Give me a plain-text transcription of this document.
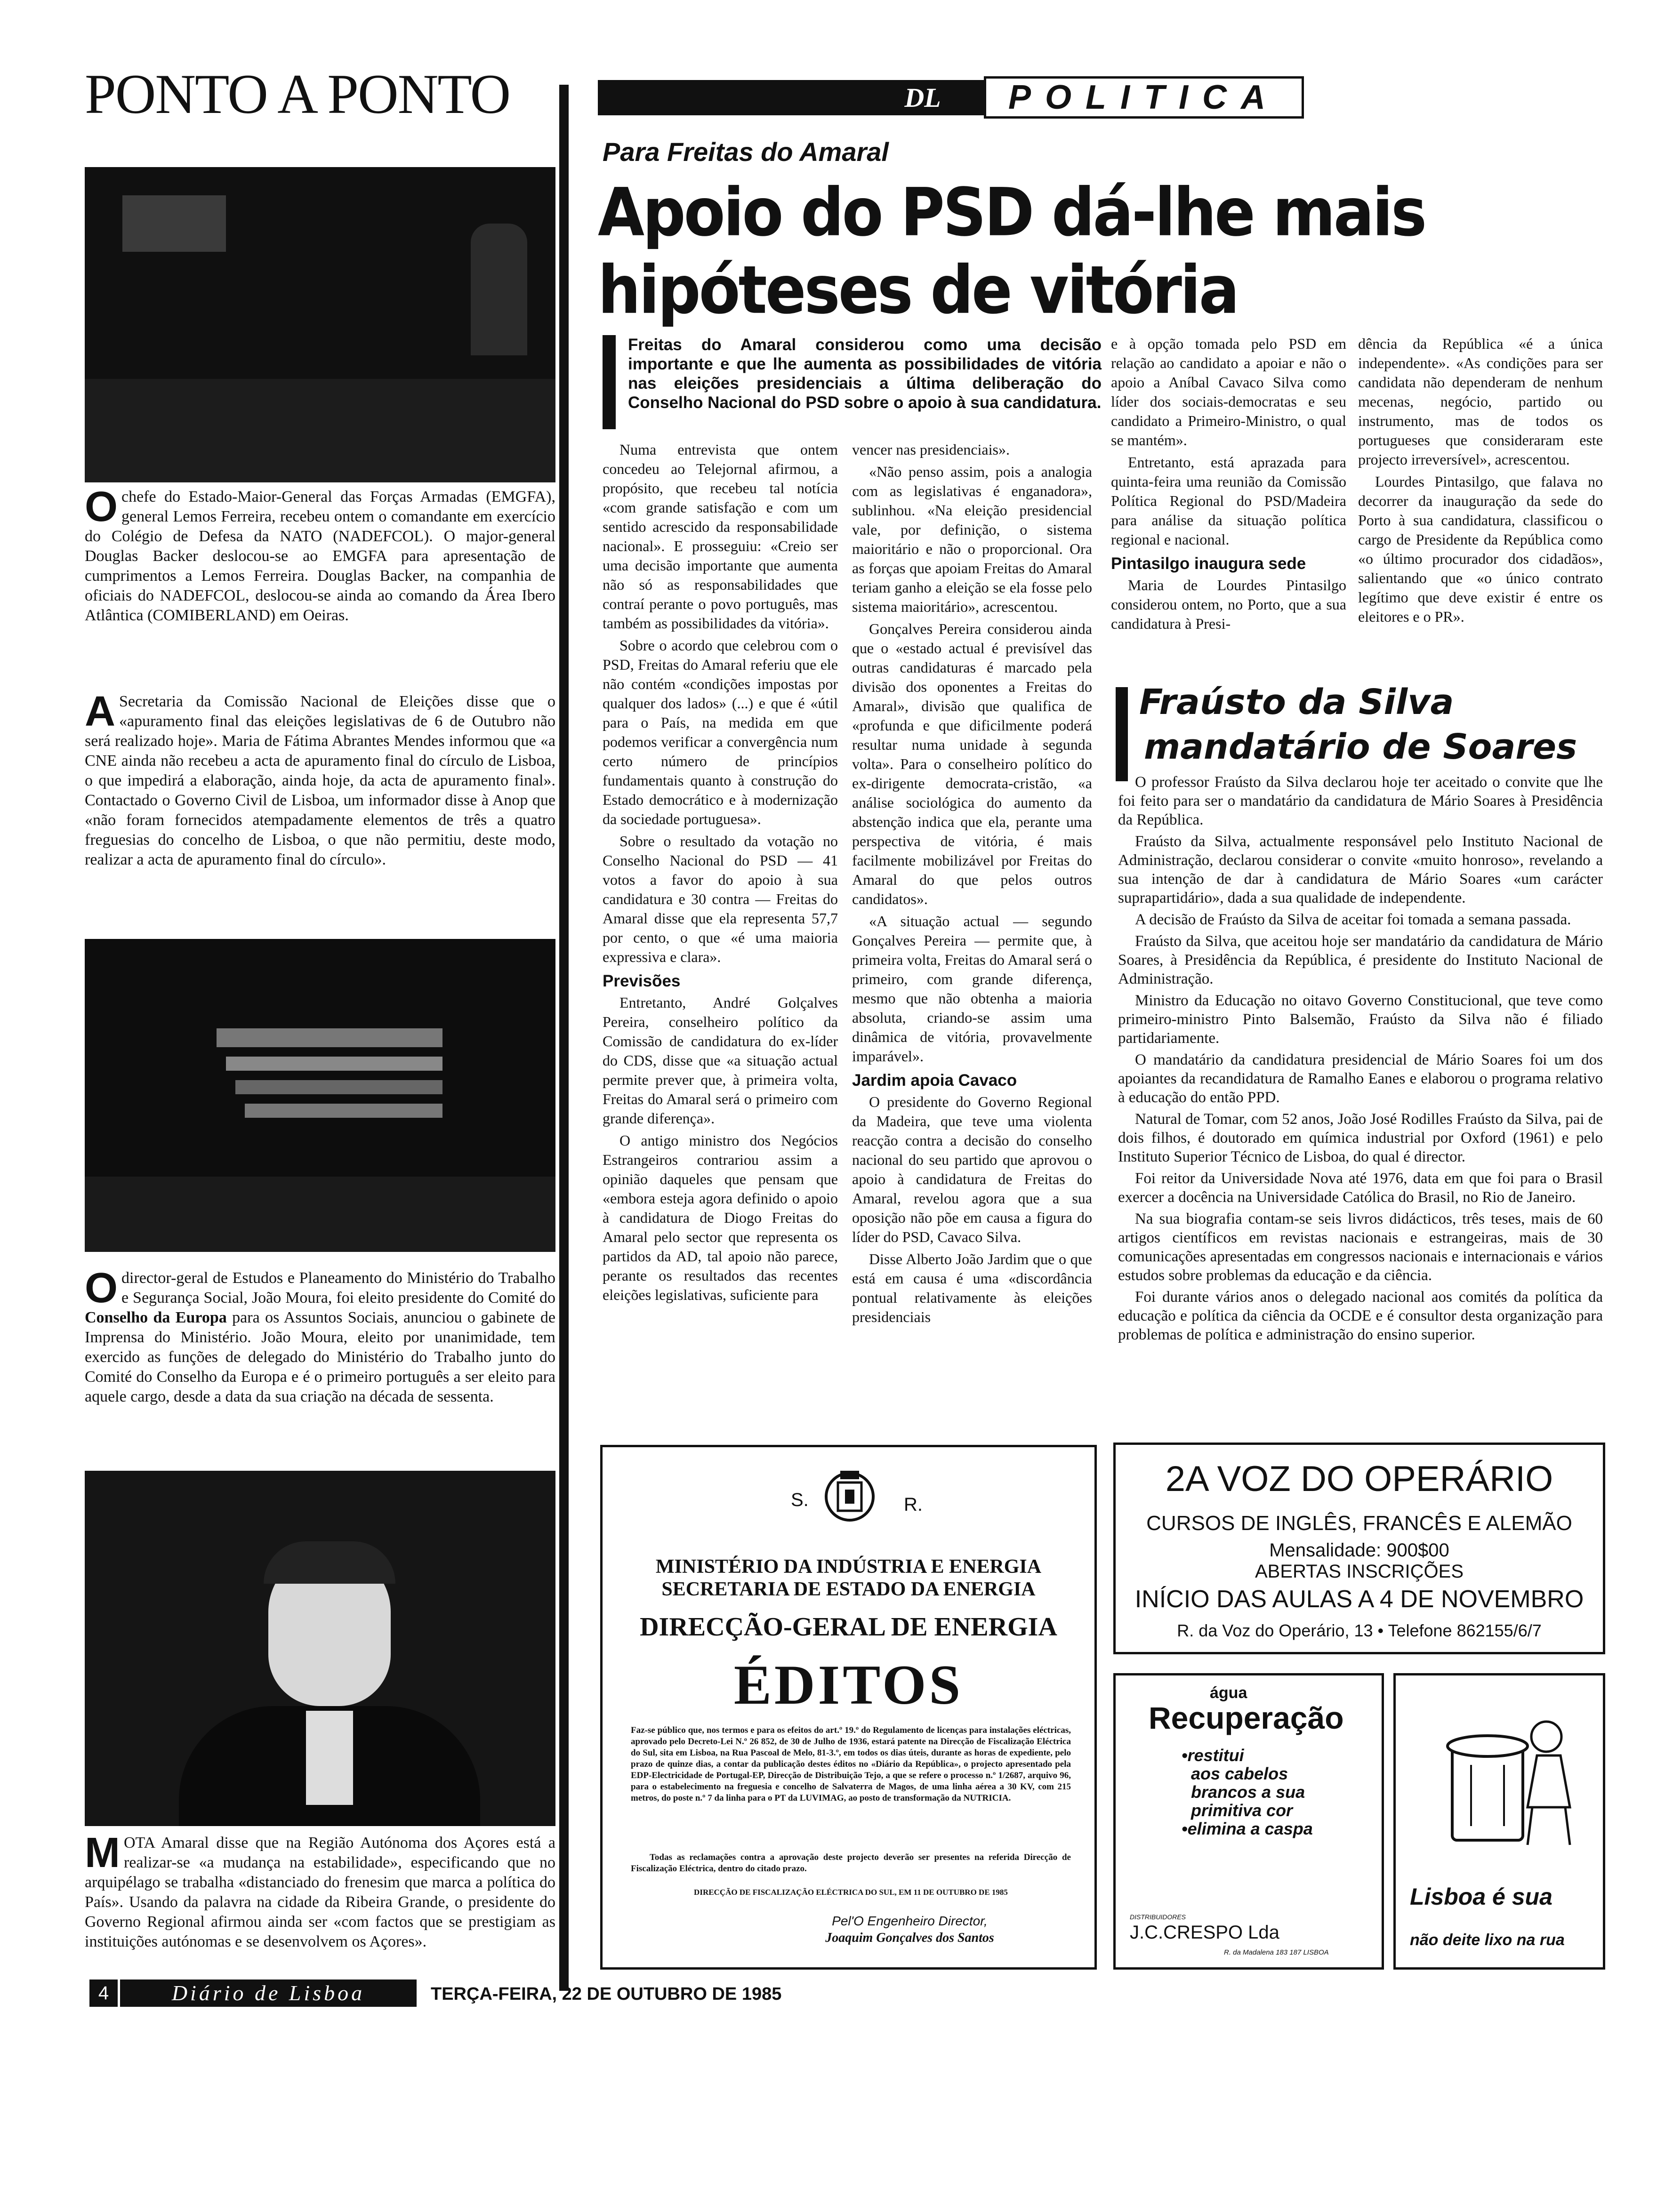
PONTO A PONTO
O chefe do Estado-Maior-General das Forças Armadas (EMGFA), general Lemos Ferreira, recebeu ontem o comandante em exercício do Colégio de Defesa da NATO (NADEFCOL). O major-general Douglas Backer deslocou-se ao EMGFA para apresentação de cumprimentos a Lemos Ferreira. Douglas Backer, na companhia de oficiais do NADEFCOL, deslocou-se ainda ao comando da Área Ibero Atlântica (COMIBERLAND) em Oeiras.
A Secretaria da Comissão Nacional de Eleições disse que o «apuramento final das eleições legislativas de 6 de Outubro não será realizado hoje». Maria de Fátima Abrantes Mendes informou que «a CNE ainda não recebeu a acta de apuramento final do círculo de Lisboa, o que impedirá a elaboração, ainda hoje, da acta de apuramento final». Contactado o Governo Civil de Lisboa, um informador disse à Anop que «não foram fornecidos atempadamente elementos de três a quatro freguesias do concelho de Lisboa, o que não permitiu, deste modo, realizar a acta de apuramento final do círculo».
O director-geral de Estudos e Planeamento do Ministério do Trabalho e Segurança Social, João Moura, foi eleito presidente do Comité do Conselho da Europa para os Assuntos Sociais, anunciou o gabinete de Imprensa do Ministério. João Moura, eleito por unanimidade, tem exercido as funções de delegado do Ministério do Trabalho junto do Comité do Conselho da Europa e é o primeiro português a ser eleito para aquele cargo, desde a data da sua criação na década de sessenta.
M OTA Amaral disse que na Região Autónoma dos Açores está a realizar-se «a mudança na estabilidade», especificando que no arquipélago se trabalha «distanciado do frenesim que marca a política do País». Usando da palavra na cidade da Ribeira Grande, o presidente do Governo Regional afirmou ainda ser «com factos que se prestigiam as instituições autónomas e se desenvolvem os Açores».
DL	POLITICA
Para Freitas do Amaral
Apoio do PSD dá-lhe mais
hipóteses de vitória
Freitas do Amaral considerou como uma decisão importante e que lhe aumenta as possibilidades de vitória nas eleições presidenciais a última deliberação do Conselho Nacional do PSD sobre o apoio à sua candidatura.

Numa entrevista que ontem concedeu ao Telejornal afirmou, a propósito, que recebeu tal notícia «com grande satisfação e com um sentido acrescido da responsabilidade nacional». E prosseguiu: «Creio ser uma decisão importante que aumenta não só as responsabilidades que contraí perante o povo português, mas também as possibilidades da vitória».

Sobre o acordo que celebrou com o PSD, Freitas do Amaral referiu que ele não contém «condições impostas por qualquer dos lados» (...) e que é «útil para o País, na medida em que podemos verificar a convergência num certo número de princípios fundamentais quanto à construção do Estado democrático e à modernização da sociedade portuguesa».

Sobre o resultado da votação no Conselho Nacional do PSD — 41 votos a favor do apoio à sua candidatura e 30 contra — Freitas do Amaral disse que ela representa 57,7 por cento, o que «é uma maioria expressiva e clara».

Previsões

Entretanto, André Golçalves Pereira, conselheiro político da Comissão de candidatura do ex-líder do CDS, disse que «a situação actual permite prever que, à primeira volta, Freitas do Amaral será o primeiro com grande diferença».

O antigo ministro dos Negócios Estrangeiros contrariou assim a opinião daqueles que pensam que «embora esteja agora definido o apoio à candidatura de Diogo Freitas do Amaral pelo sector que representa os partidos da AD, tal apoio não parece, perante os resultados das recentes eleições legislativas, suficiente para

vencer nas presidenciais».

«Não penso assim, pois a analogia com as legislativas é enganadora», sublinhou. «Na eleição presidencial vale, por definição, o sistema maioritário e não o proporcional. Ora as forças que apoiam Freitas do Amaral teriam ganho a eleição se ela fosse pelo sistema maioritário», acrescentou.

Gonçalves Pereira considerou ainda que o «estado actual é previsível das outras candidaturas é marcado pela divisão dos oponentes a Freitas do Amaral», divisão que qualifica de «profunda e que dificilmente poderá resultar numa unidade à segunda volta». Para o conselheiro político do ex-dirigente democrata-cristão, «a análise sociológica do aumento da abstenção indica que ela, perante uma perspectiva de vitória, é mais facilmente mobilizável por Freitas do Amaral do que pelos outros candidatos».

«A situação actual — segundo Gonçalves Pereira — permite que, à primeira volta, Freitas do Amaral será o primeiro, com grande diferença, mesmo que não obtenha a maioria absoluta, criando-se assim uma dinâmica de vitória, provavelmente imparável».

Jardim apoia Cavaco

O presidente do Governo Regional da Madeira, que teve uma violenta reacção contra a decisão do conselho nacional do seu partido que aprovou o apoio à candidatura de Freitas do Amaral, revelou agora que a sua oposição não põe em causa a figura do líder do PSD, Cavaco Silva.

Disse Alberto João Jardim que o que está em causa é uma «discordância pontual relativamente às eleições presidenciais

e à opção tomada pelo PSD em relação ao candidato a apoiar e não o apoio a Aníbal Cavaco Silva como líder dos sociais-democratas e seu candidato a Primeiro-Ministro, o qual se mantém».

Entretanto, está aprazada para quinta-feira uma reunião da Comissão Política Regional do PSD/Madeira para análise da situação política regional e nacional.

Pintasilgo inaugura sede

Maria de Lourdes Pintasilgo considerou ontem, no Porto, que a sua candidatura à Presi-

dência da República «é a única independente». «As condições para ser candidata não dependeram de nenhum mecenas, negócio, partido ou instrumento, mas de todos os portugueses que consideraram este projecto irreversível», acrescentou.

Lourdes Pintasilgo, que falava no decorrer da inauguração da sede do Porto à sua candidatura, classificou o cargo de Presidente da República como «o último procurador dos cidadãos», salientando que «o único contrato legítimo que deve existir é entre os eleitores e o PR».

Fraústo da Silva
mandatário de Soares

O professor Fraústo da Silva declarou hoje ter aceitado o convite que lhe foi feito para ser o mandatário da candidatura de Mário Soares à Presidência da República.

Fraústo da Silva, actualmente responsável pelo Instituto Nacional de Administração, declarou considerar o convite «muito honroso», revelando a sua intenção de dar à candidatura de Mário Soares «um carácter suprapartidário», dada a sua qualidade de independente.

A decisão de Fraústo da Silva de aceitar foi tomada a semana passada.

Fraústo da Silva, que aceitou hoje ser mandatário da candidatura de Mário Soares, à Presidência da República, é presidente do Instituto Nacional de Administração.

Ministro da Educação no oitavo Governo Constitucional, que teve como primeiro-ministro Pinto Balsemão, Fraústo da Silva não é filiado partidariamente.

O mandatário da candidatura presidencial de Mário Soares foi um dos apoiantes da recandidatura de Ramalho Eanes e elaborou o programa relativo à educação do então PPD.

Natural de Tomar, com 52 anos, João José Rodilles Fraústo da Silva, pai de dois filhos, é doutorado em química industrial por Oxford (1961) e pelo Instituto Superior Técnico de Lisboa, do qual é director.

Foi reitor da Universidade Nova até 1976, data em que foi para o Brasil exercer a docência na Universidade Católica do Brasil, no Rio de Janeiro.

Na sua biografia contam-se seis livros didácticos, três teses, mais de 60 artigos científicos em revistas nacionais e estrangeiras, mais de 30 comunicações apresentadas em congressos nacionais e internacionais e vários estudos sobre problemas da educação e da ciência.

Foi durante vários anos o delegado nacional aos comités da política da educação e política da ciência da OCDE e é consultor desta organização para problemas de política e administração do ensino superior.

S.	R.
MINISTÉRIO DA INDÚSTRIA E ENERGIA
SECRETARIA DE ESTADO DA ENERGIA
DIRECÇÃO-GERAL DE ENERGIA
ÉDITOS
Faz-se público que, nos termos e para os efeitos do art.º 19.º do Regulamento de licenças para instalações eléctricas, aprovado pelo Decreto-Lei N.º 26 852, de 30 de Julho de 1936, estará patente na Direcção de Fiscalização Eléctrica do Sul, sita em Lisboa, na Rua Pascoal de Melo, 81-3.º, em todos os dias úteis, durante as horas de expediente, pelo prazo de quinze dias, a contar da publicação destes éditos no «Diário da República», o projecto apresentado pela EDP-Electricidade de Portugal-EP, Direcção de Distribuição Tejo, a que se refere o processo n.º 1/2687, arquivo 96, para o estabelecimento na freguesia e concelho de Salvaterra de Magos, de uma linha aérea a 30 KV, com 215 metros, do poste n.º 7 da linha para o PT da LUVIMAG, ao posto de transformação da NUTRICIA.
Todas as reclamações contra a aprovação deste projecto deverão ser presentes na referida Direcção de Fiscalização Eléctrica, dentro do citado prazo.
DIRECÇÃO DE FISCALIZAÇÃO ELÉCTRICA DO SUL, EM 11 DE OUTUBRO DE 1985
Pel'O Engenheiro Director,
Joaquim Gonçalves dos Santos
2A VOZ DO OPERÁRIO
CURSOS DE INGLÊS, FRANCÊS E ALEMÃO
Mensalidade: 900$00
ABERTAS INSCRIÇÕES
INÍCIO DAS AULAS A 4 DE NOVEMBRO
R. da Voz do Operário, 13 • Telefone 862155/6/7
água
Recuperação
•restitui
aos cabelos
brancos a sua
primitiva cor
•elimina a caspa
DISTRIBUIDORES
J.C.CRESPO Lda
R. da Madalena 183 187 LISBOA
Lisboa é sua
não deite lixo na rua
4	Diário de Lisboa	TERÇA-FEIRA, 22 DE OUTUBRO DE 1985
